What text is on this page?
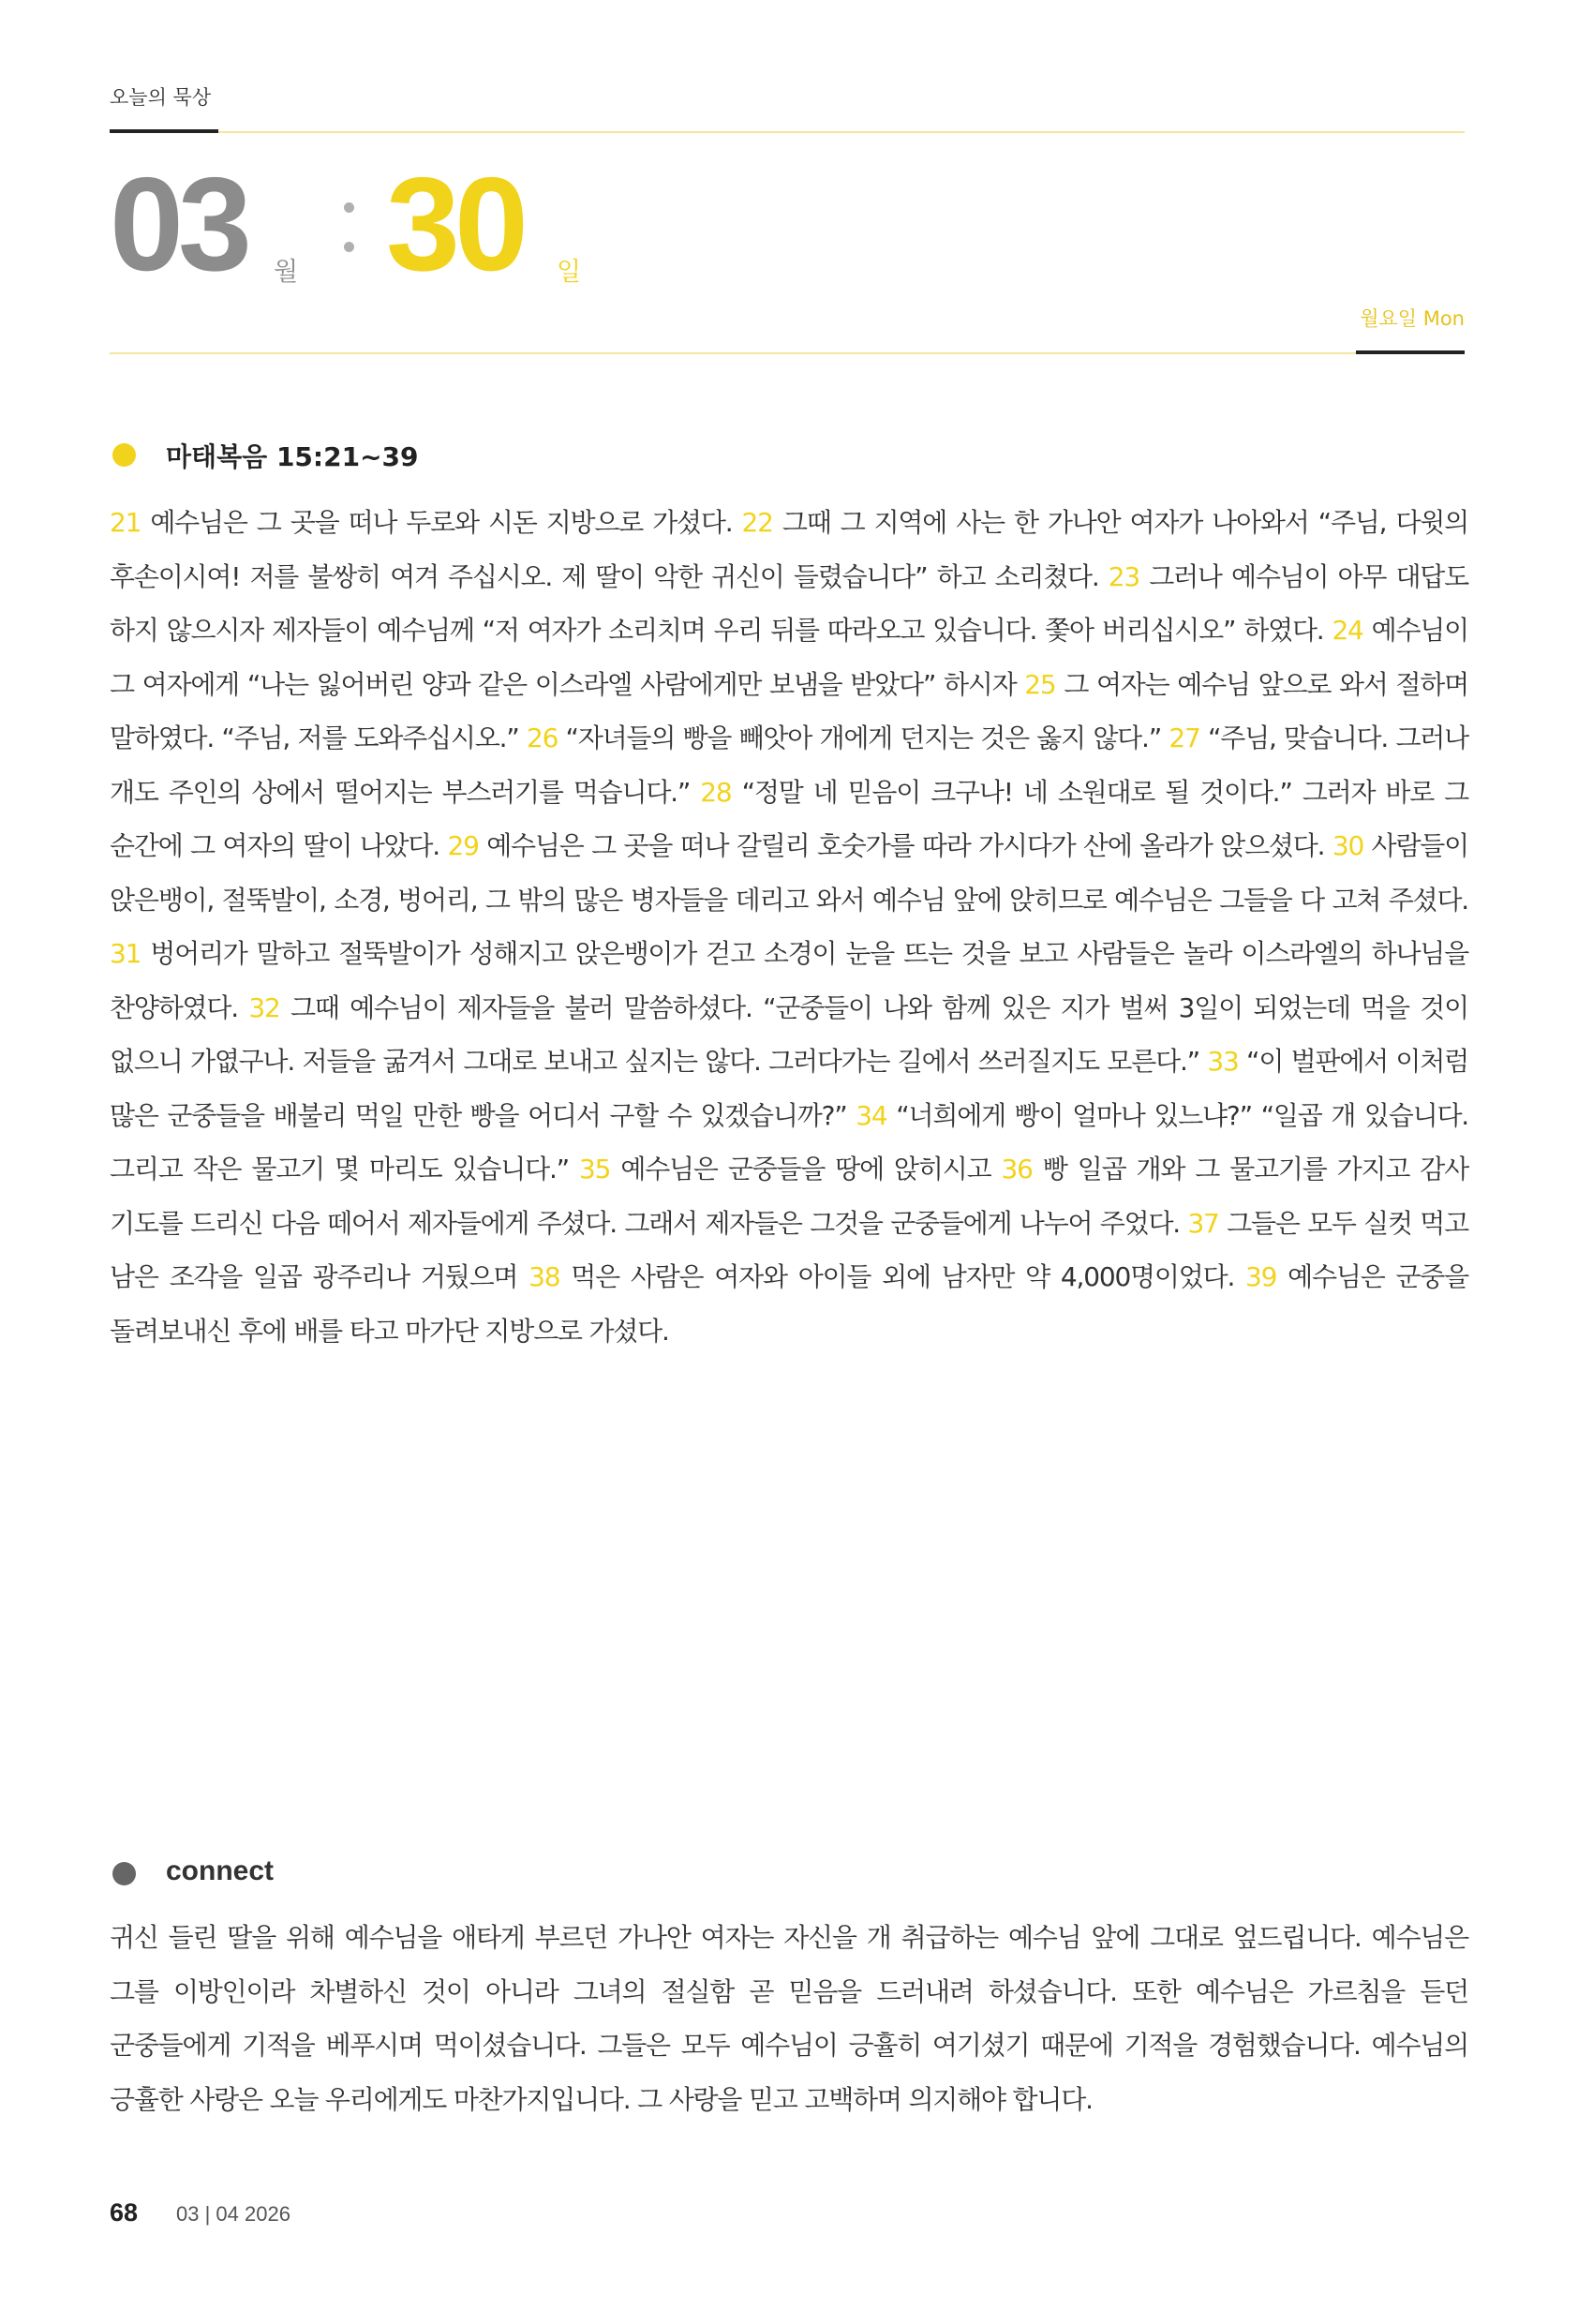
오늘의 묵상
03 월 30 일
월요일 Mon
마태복음 15:21~39
21 예수님은 그 곳을 떠나 두로와 시돈 지방으로 가셨다. 22 그때 그 지역에 사는 한 가나안 여자가 나아와서 “주님, 다윗의 후손이시여! 저를 불쌍히 여겨 주십시오. 제 딸이 악한 귀신이 들렸습니다” 하고 소리쳤다. 23 그러나 예수님이 아무 대답도 하지 않으시자 제자들이 예수님께 “저 여자가 소리치며 우리 뒤를 따라오고 있습니다. 쫓아 버리십시오” 하였다. 24 예수님이 그 여자에게 “나는 잃어버린 양과 같은 이스라엘 사람에게만 보냄을 받았다” 하시자 25 그 여자는 예수님 앞으로 와서 절하며 말하였다. “주님, 저를 도와주십시오.” 26 “자녀들의 빵을 빼앗아 개에게 던지는 것은 옳지 않다.” 27 “주님, 맞습니다. 그러나 개도 주인의 상에서 떨어지는 부스러기를 먹습니다.” 28 “정말 네 믿음이 크구나! 네 소원대로 될 것이다.” 그러자 바로 그 순간에 그 여자의 딸이 나았다. 29 예수님은 그 곳을 떠나 갈릴리 호숫가를 따라 가시다가 산에 올라가 앉으셨다. 30 사람들이 앉은뱅이, 절뚝발이, 소경, 벙어리, 그 밖의 많은 병자들을 데리고 와서 예수님 앞에 앉히므로 예수님은 그들을 다 고쳐 주셨다. 31 벙어리가 말하고 절뚝발이가 성해지고 앉은뱅이가 걷고 소경이 눈을 뜨는 것을 보고 사람들은 놀라 이스라엘의 하나님을 찬양하였다. 32 그때 예수님이 제자들을 불러 말씀하셨다. “군중들이 나와 함께 있은 지가 벌써 3일이 되었는데 먹을 것이 없으니 가엾구나. 저들을 굶겨서 그대로 보내고 싶지는 않다. 그러다가는 길에서 쓰러질지도 모른다.” 33 “이 벌판에서 이처럼 많은 군중들을 배불리 먹일 만한 빵을 어디서 구할 수 있겠습니까?” 34 “너희에게 빵이 얼마나 있느냐?” “일곱 개 있습니다. 그리고 작은 물고기 몇 마리도 있습니다.” 35 예수님은 군중들을 땅에 앉히시고 36 빵 일곱 개와 그 물고기를 가지고 감사 기도를 드리신 다음 떼어서 제자들에게 주셨다. 그래서 제자들은 그것을 군중들에게 나누어 주었다. 37 그들은 모두 실컷 먹고 남은 조각을 일곱 광주리나 거뒀으며 38 먹은 사람은 여자와 아이들 외에 남자만 약 4,000명이었다. 39 예수님은 군중을 돌려보내신 후에 배를 타고 마가단 지방으로 가셨다.
connect
귀신 들린 딸을 위해 예수님을 애타게 부르던 가나안 여자는 자신을 개 취급하는 예수님 앞에 그대로 엎드립니다. 예수님은 그를 이방인이라 차별하신 것이 아니라 그녀의 절실함 곧 믿음을 드러내려 하셨습니다. 또한 예수님은 가르침을 듣던 군중들에게 기적을 베푸시며 먹이셨습니다. 그들은 모두 예수님이 긍휼히 여기셨기 때문에 기적을 경험했습니다. 예수님의 긍휼한 사랑은 오늘 우리에게도 마찬가지입니다. 그 사랑을 믿고 고백하며 의지해야 합니다.
68 03 | 04 2026
